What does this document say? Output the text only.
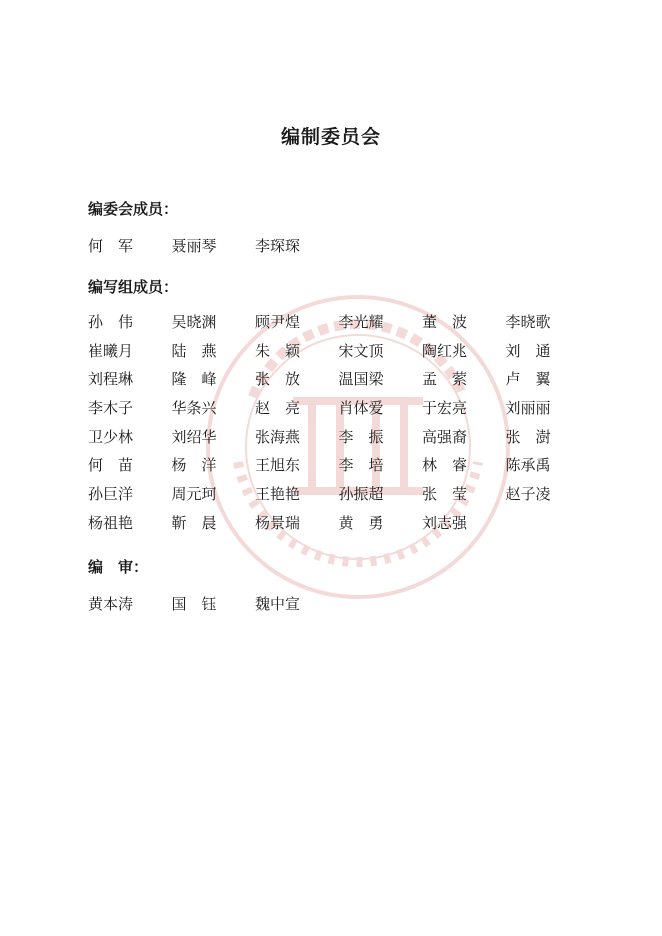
编制委员会
编委会成员：
何　军	聂丽琴	李琛琛
编写组成员：
孙　伟	吴晓渊	顾尹煌	李光耀	董　波	李晓歌
崔曦月	陆　燕	朱　颖	宋文顶	陶红兆	刘　通
刘程琳	隆　峰	张　放	温国梁	孟　萦	卢　翼
李木子	华条兴	赵　亮	肖体爱	于宏亮	刘丽丽
卫少林	刘绍华	张海燕	李　振	高强裔	张　澍
何　苗	杨　洋	王旭东	李　培	林　睿	陈承禹
孙巨洋	周元珂	王艳艳	孙振超	张　莹	赵子凌
杨祖艳	靳　晨	杨景瑞	黄　勇	刘志强
编　审：
黄本涛	国　钰	魏中宣
